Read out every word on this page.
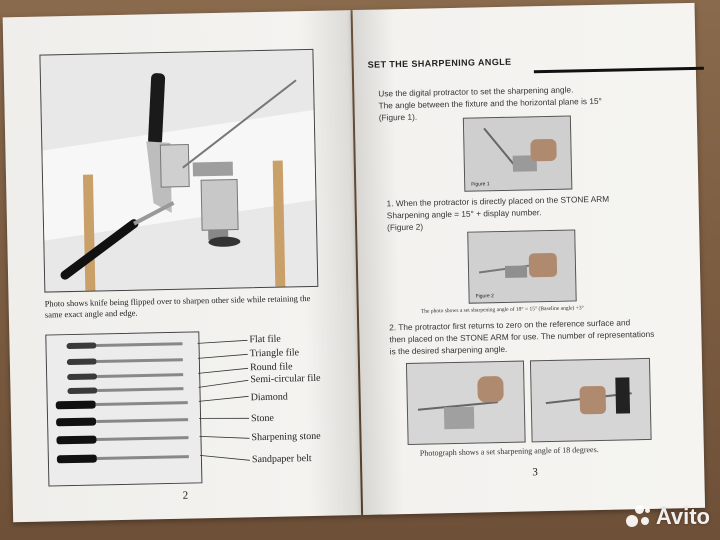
Photo shows knife being flipped over to sharpen other side while retaining the same exact angle and edge.
Flat file
Triangle file
Round file
Semi-circular file
Diamond
Stone
Sharpening stone
Sandpaper belt
2
SET THE SHARPENING ANGLE
Use the digital protractor to set the sharpening angle.
The angle between the fixture and the horizontal plane is 15°
(Figure 1).
Figure 1
1. When the protractor is directly placed on the STONE ARM
Sharpening angle = 15° + display number.
(Figure 2)
Figure 2
The photo shows a set sharpening angle of 18° = 15° (Baseline angle) +3°
2. The protractor first returns to zero on the reference surface and
then placed on the STONE ARM for use. The number of representations
is the desired sharpening angle.
Photograph shows a set sharpening angle of 18 degrees.
3
Avito
